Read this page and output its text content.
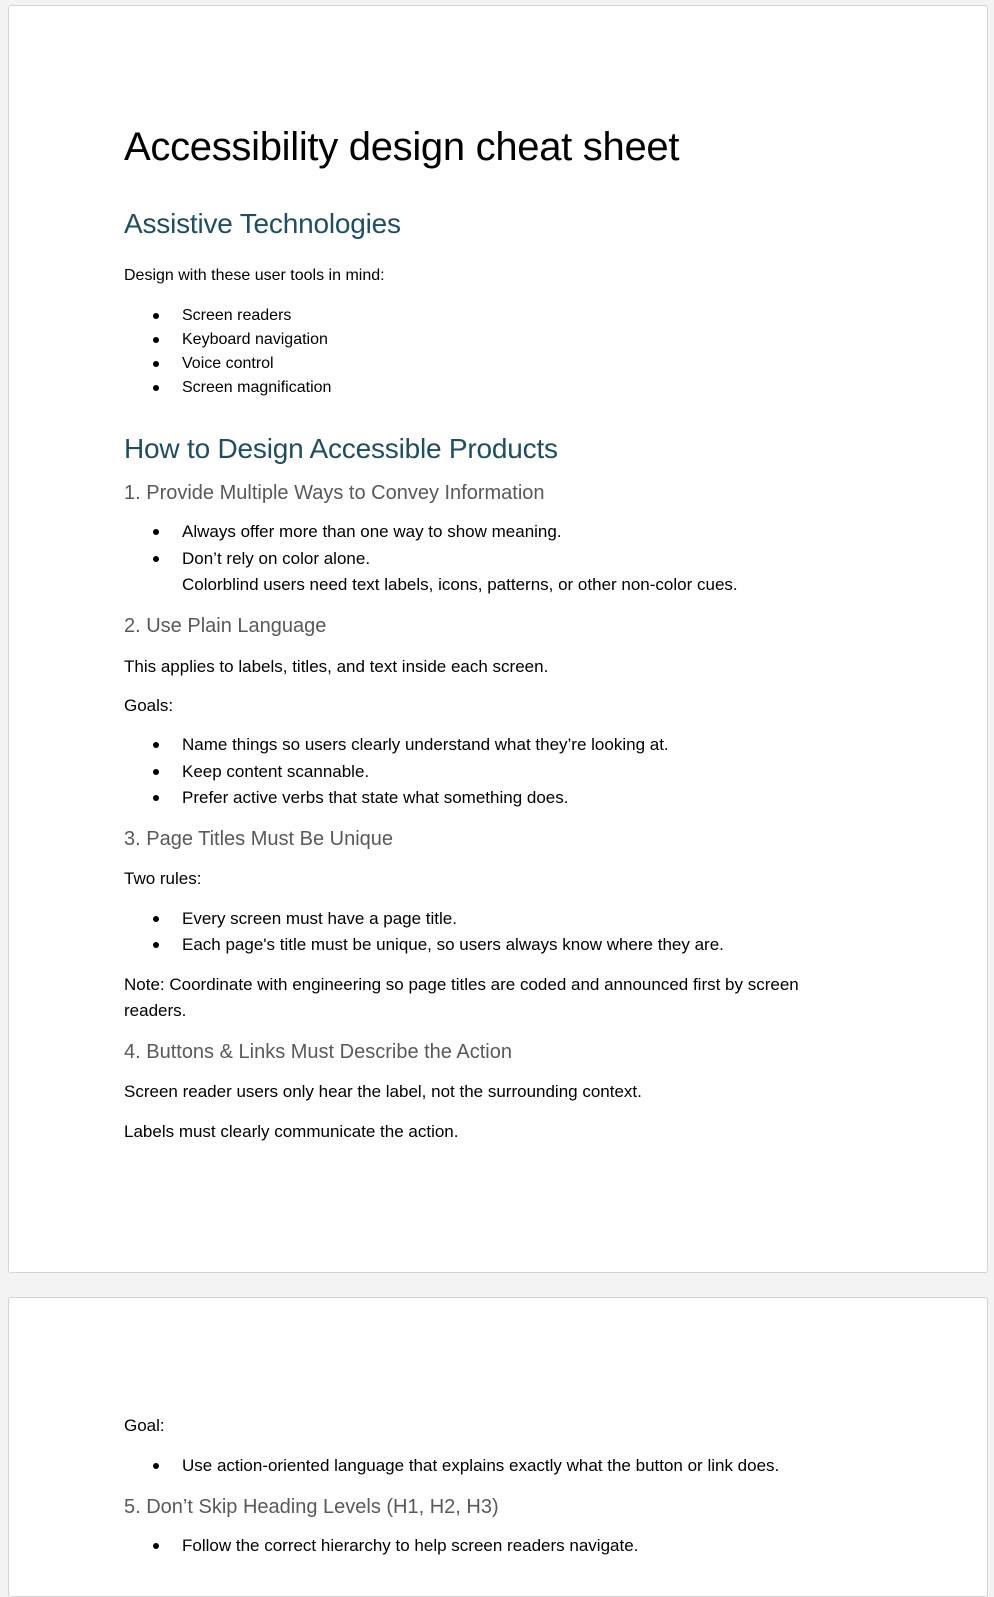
Accessibility design cheat sheet
Assistive Technologies

Design with these user tools in mind:

Screen readers

Keyboard navigation

Voice control

Screen magnification

How to Design Accessible Products
1. Provide Multiple Ways to Convey Information

Always offer more than one way to show meaning.

Don’t rely on color alone.

Colorblind users need text labels, icons, patterns, or other non-color cues.

2. Use Plain Language

This applies to labels, titles, and text inside each screen.

Goals:

Name things so users clearly understand what they’re looking at.

Keep content scannable.

Prefer active verbs that state what something does.

3. Page Titles Must Be Unique

Two rules:

Every screen must have a page title.

Each page's title must be unique, so users always know where they are.

Note: Coordinate with engineering so page titles are coded and announced first by screen

readers.

4. Buttons & Links Must Describe the Action

Screen reader users only hear the label, not the surrounding context.

Labels must clearly communicate the action.

Goal:

Use action-oriented language that explains exactly what the button or link does.

5. Don’t Skip Heading Levels (H1, H2, H3)

Follow the correct hierarchy to help screen readers navigate.
